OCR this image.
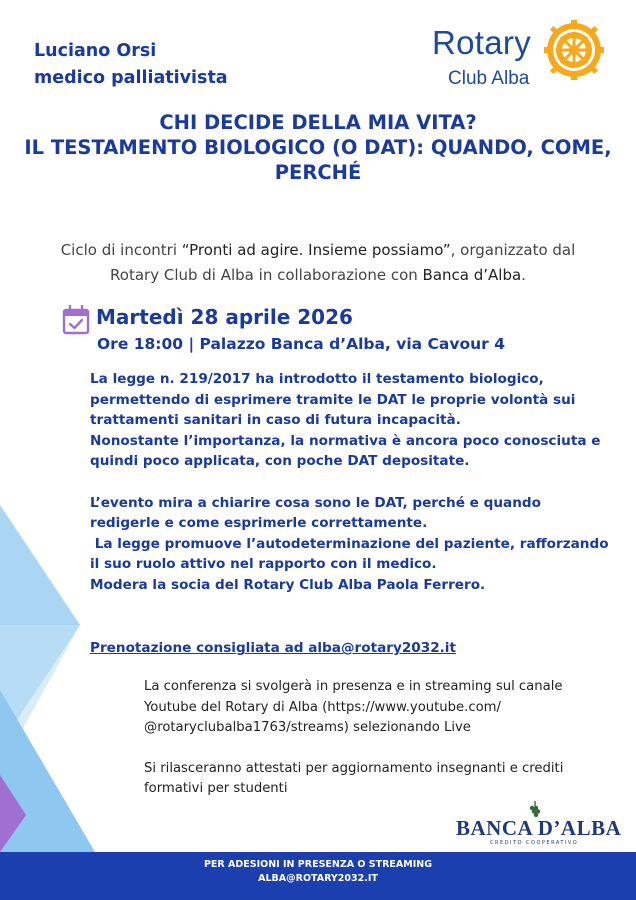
Luciano Orsi
medico palliativista
Rotary
Club Alba
CHI DECIDE DELLA MIA VITA?
IL TESTAMENTO BIOLOGICO (O DAT): QUANDO, COME,
PERCHÉ
Ciclo di incontri “Pronti ad agire. Insieme possiamo”, organizzato dal Rotary Club di Alba in collaborazione con Banca d’Alba.
Martedì 28 aprile 2026
Ore 18:00 | Palazzo Banca d’Alba, via Cavour 4

La legge n. 219/2017 ha introdotto il testamento biologico, permettendo di esprimere tramite le DAT le proprie volontà sui trattamenti sanitari in caso di futura incapacità.

Nonostante l’importanza, la normativa è ancora poco conosciuta e quindi poco applicata, con poche DAT depositate.

L’evento mira a chiarire cosa sono le DAT, perché e quando redigerle e come esprimerle correttamente.

La legge promuove l’autodeterminazione del paziente, rafforzando il suo ruolo attivo nel rapporto con il medico.

Modera la socia del Rotary Club Alba Paola Ferrero.

Prenotazione consigliata ad alba@rotary2032.it

La conferenza si svolgerà in presenza e in streaming sul canale

Youtube del Rotary di Alba (https://www.youtube.com/

@rotaryclubalba1763/streams) selezionando Live

Si rilasceranno attestati per aggiornamento insegnanti e crediti

formativi per studenti

BANCA D’ALBA
CREDITO COOPERATIVO
PER ADESIONI IN PRESENZA O STREAMING
ALBA@ROTARY2032.IT
